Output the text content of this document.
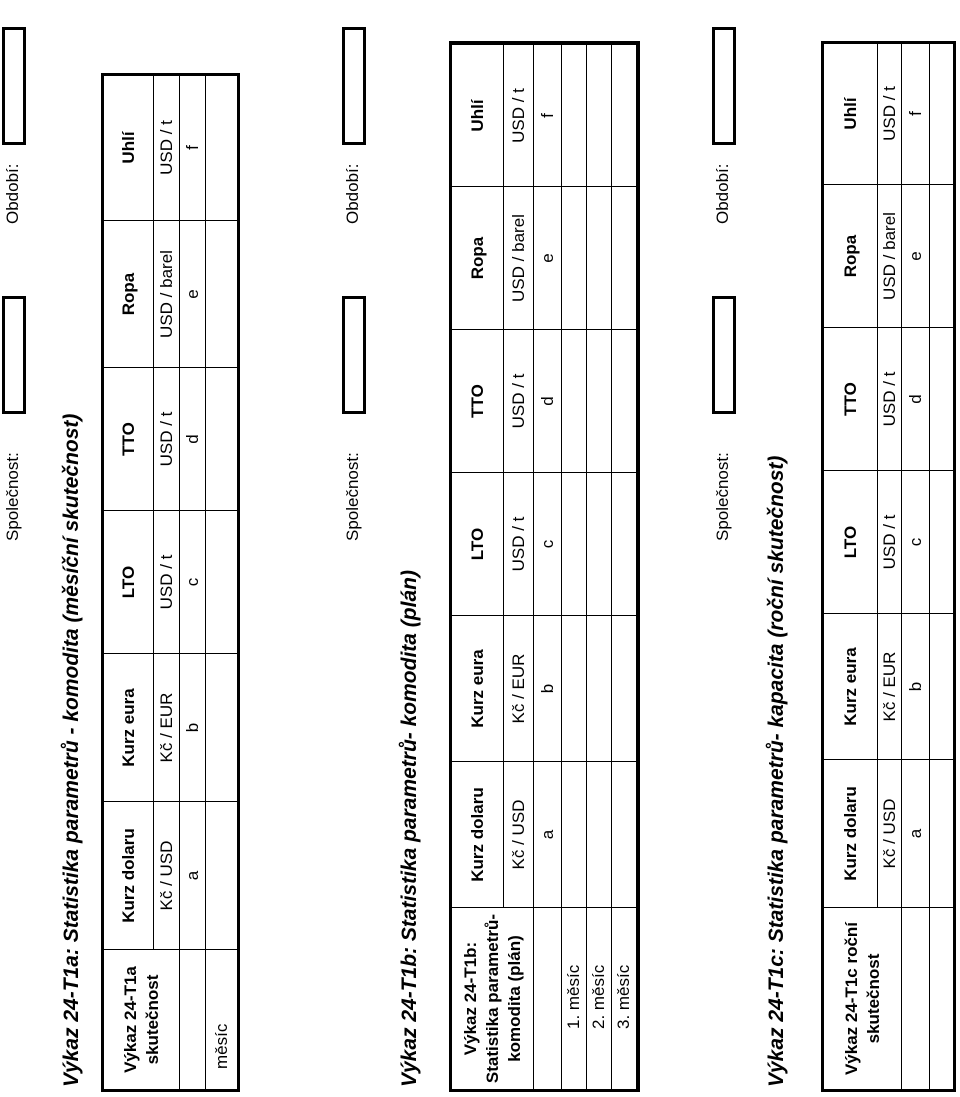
Výkaz 24-T1a: Statistika parametrů - komodita (měsíční skutečnost)
Společnost:
Období:
Výkaz 24-T1a skutečnost	Kurz dolaru	Kurz eura	LTO	TTO	Ropa	Uhlí
	Kč / USD	Kč / EUR	USD / t	USD / t	USD / barel	USD / t
	a	b	c	d	e	f
měsíc							Výkaz 24-T1b: Statistika parametrů- komodita (plán)
Společnost:
Období:
Výkaz 24-T1b: Statistika parametrů- komodita (plán)	Kurz dolaru	Kurz eura	LTO	TTO	Ropa	Uhlí
	Kč / USD	Kč / EUR	USD / t	USD / t	USD / barel	USD / t
	a	b	c	d	e	f
1. měsíc						
2. měsíc						
3. měsíc							Výkaz 24-T1c: Statistika parametrů- kapacita (roční skutečnost)
Společnost:
Období:
Výkaz 24-T1c roční skutečnost	Kurz dolaru	Kurz eura	LTO	TTO	Ropa	Uhlí
	Kč / USD	Kč / EUR	USD / t	USD / t	USD / barel	USD / t
	a	b	c	d	e	f
